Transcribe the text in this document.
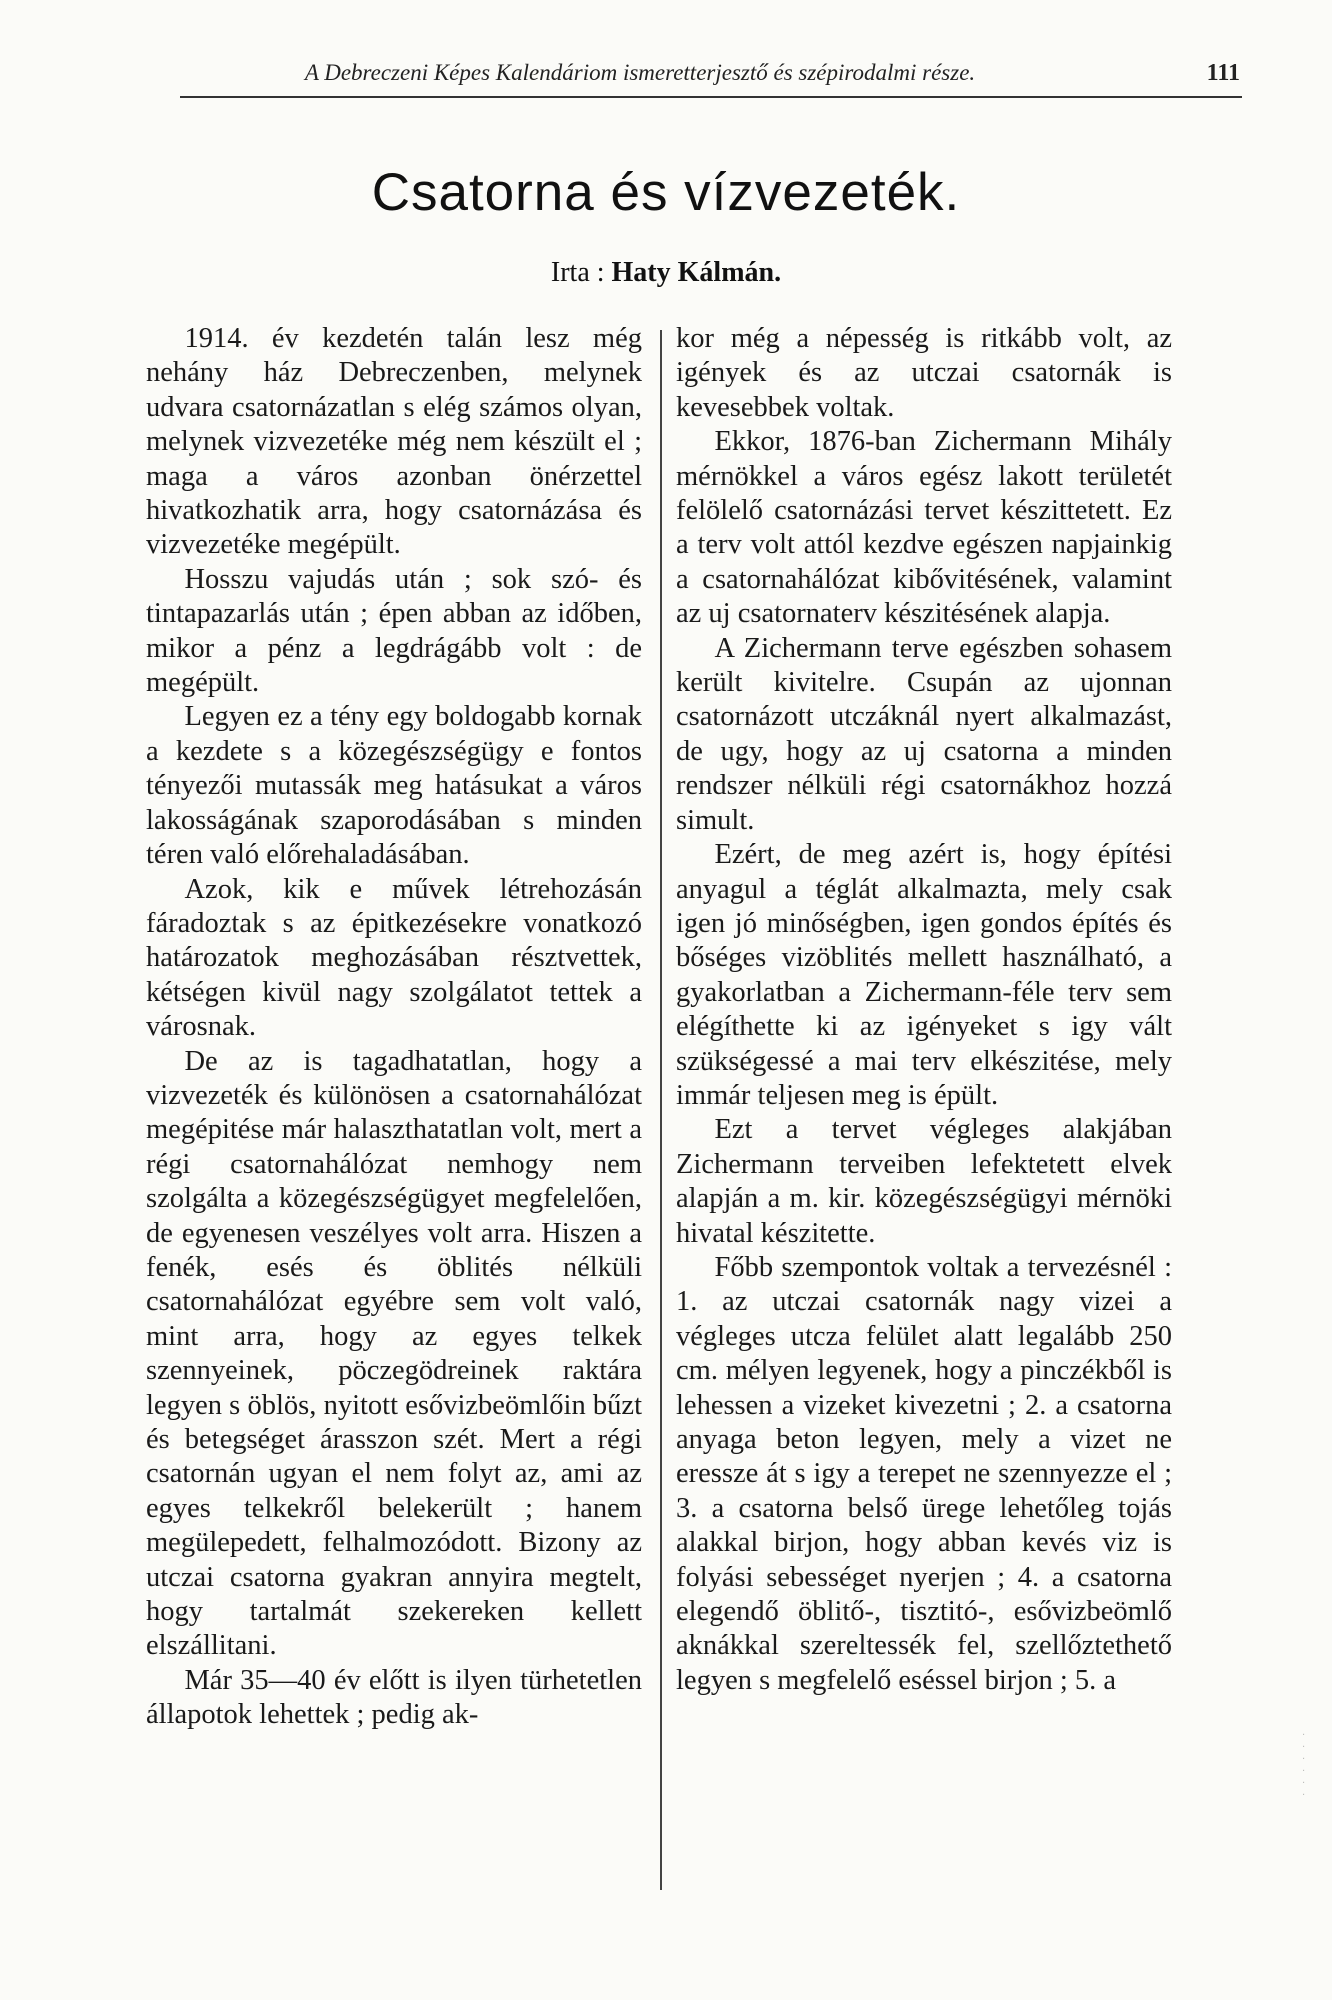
A Debreczeni Képes Kalendáriom ismeretterjesztő és szépirodalmi része.	111
Csatorna és vízvezeték.
Irta : Haty Kálmán.

1914. év kezdetén talán lesz még nehány ház Debreczenben, melynek udvara csatornázatlan s elég számos olyan, melynek vizvezetéke még nem készült el ; maga a város azonban önérzettel hivatkozhatik arra, hogy csatornázása és vizvezetéke megépült.

Hosszu vajudás után ; sok szó- és tintapazarlás után ; épen abban az időben, mikor a pénz a legdrágább volt : de megépült.

Legyen ez a tény egy boldogabb kornak a kezdete s a közegészségügy e fontos tényezői mutassák meg hatásukat a város lakosságának szaporodásában s minden téren való előrehaladásában.

Azok, kik e művek létrehozásán fáradoztak s az épitkezésekre vonatkozó határozatok meghozásában résztvettek, kétségen kivül nagy szolgálatot tettek a városnak.

De az is tagadhatatlan, hogy a vizvezeték és különösen a csatornahálózat megépitése már halaszthatatlan volt, mert a régi csatornahálózat nemhogy nem szolgálta a közegészségügyet megfelelően, de egyenesen veszélyes volt arra. Hiszen a fenék, esés és öblités nélküli csatornahálózat egyébre sem volt való, mint arra, hogy az egyes telkek szennyeinek, pöczegödreinek raktára legyen s öblös, nyitott esővizbeömlőin bűzt és betegséget árasszon szét. Mert a régi csatornán ugyan el nem folyt az, ami az egyes telkekről belekerült ; hanem megülepedett, felhalmozódott. Bizony az utczai csatorna gyakran annyira megtelt, hogy tartalmát szekereken kellett elszállitani.

Már 35—40 év előtt is ilyen türhetetlen állapotok lehettek ; pedig ak-

kor még a népesség is ritkább volt, az igények és az utczai csatornák is kevesebbek voltak.

Ekkor, 1876-ban Zichermann Mihály mérnökkel a város egész lakott területét felölelő csatornázási tervet készittetett. Ez a terv volt attól kezdve egészen napjainkig a csatornahálózat kibővitésének, valamint az uj csatornaterv készitésének alapja.

A Zichermann terve egészben sohasem került kivitelre. Csupán az ujonnan csatornázott utczáknál nyert alkalmazást, de ugy, hogy az uj csatorna a minden rendszer nélküli régi csatornákhoz hozzá simult.

Ezért, de meg azért is, hogy építési anyagul a téglát alkalmazta, mely csak igen jó minőségben, igen gondos építés és bőséges vizöblités mellett használható, a gyakorlatban a Zichermann-féle terv sem elégíthette ki az igényeket s igy vált szükségessé a mai terv elkészitése, mely immár teljesen meg is épült.

Ezt a tervet végleges alakjában Zichermann terveiben lefektetett elvek alapján a m. kir. közegészségügyi mérnöki hivatal készitette.

Főbb szempontok voltak a tervezésnél : 1. az utczai csatornák nagy vizei a végleges utcza felület alatt legalább 250 cm. mélyen legyenek, hogy a pinczékből is lehessen a vizeket kivezetni ; 2. a csatorna anyaga beton legyen, mely a vizet ne eressze át s igy a terepet ne szennyezze el ; 3. a csatorna belső ürege lehetőleg tojás alakkal birjon, hogy abban kevés viz is folyási sebességet nyerjen ; 4. a csatorna elegendő öblitő-, tisztitó-, esővizbeömlő aknákkal szereltessék fel, szellőztethető legyen s megfelelő eséssel birjon ; 5. a

·
·
·
·
·
·
